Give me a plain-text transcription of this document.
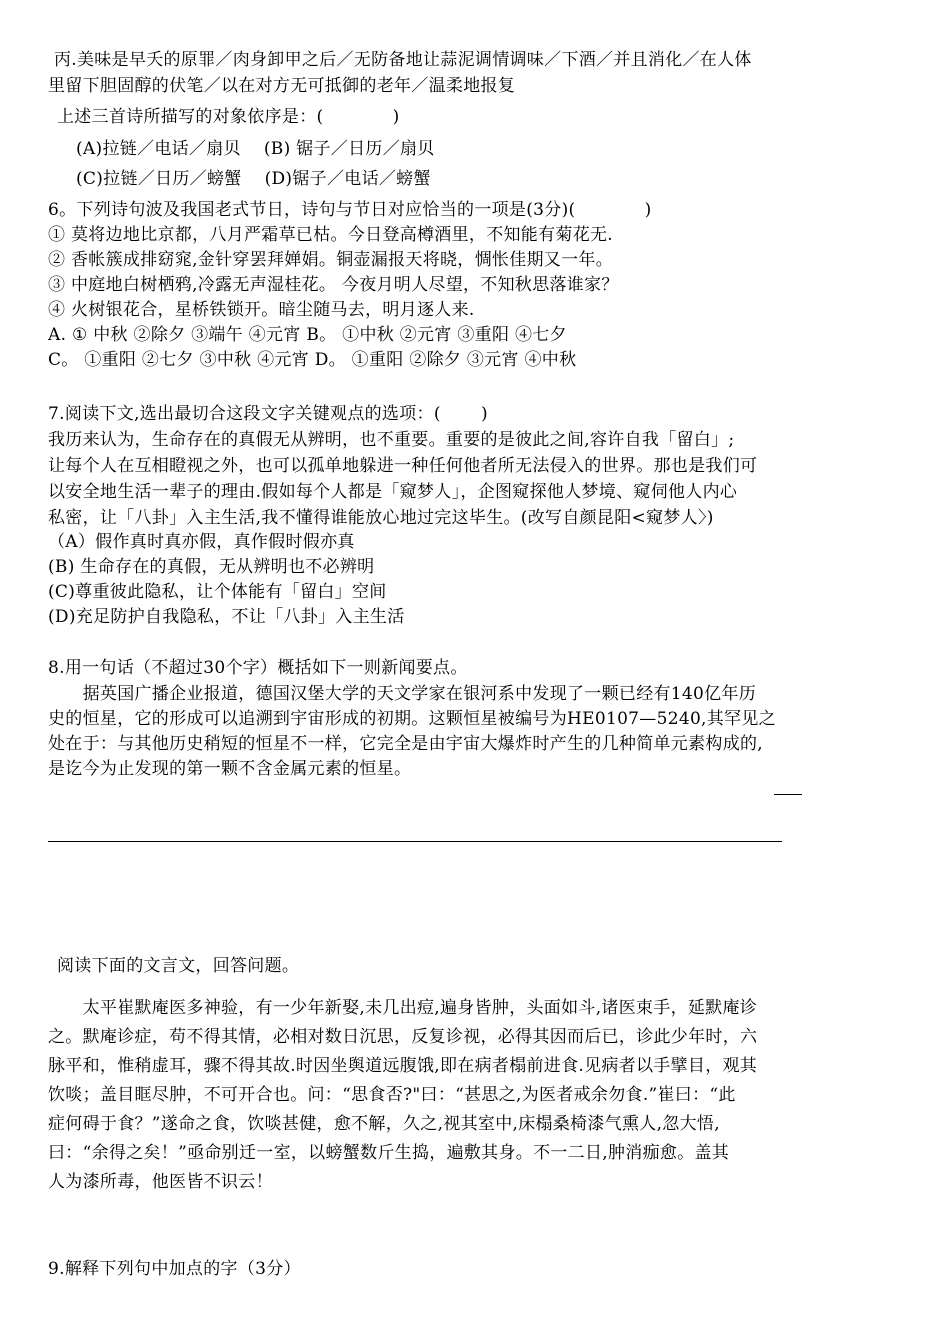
丙.美味是早夭的原罪／肉身卸甲之后／无防备地让蒜泥调情调味／下酒／并且消化／在人体
里留下胆固醇的伏笔／以在对方无可抵御的老年／温柔地报复
上述三首诗所描写的对象依序是：(　　　　)
(A)拉链／电话／扇贝　 (B) 锯子／日历／扇贝
(C)拉链／日历／螃蟹　 (D)锯子／电话／螃蟹
6。下列诗句波及我国老式节日，诗句与节日对应恰当的一项是(3分)(　　　　)
① 莫将边地比京都，八月严霜草已枯。今日登高樽酒里，不知能有菊花无.
② 香帐簇成排窈窕,金针穿罢拜婵娟。铜壶漏报天将晓，惆怅佳期又一年。
③ 中庭地白树栖鸦,冷露无声湿桂花。 今夜月明人尽望，不知秋思落谁家？
④ 火树银花合，星桥铁锁开。暗尘随马去，明月逐人来.
A. ① 中秋 ②除夕 ③端午 ④元宵 B。 ①中秋 ②元宵 ③重阳 ④七夕
C。 ①重阳 ②七夕 ③中秋 ④元宵 D。 ①重阳 ②除夕 ③元宵 ④中秋
7.阅读下文,选出最切合这段文字关键观点的选项：(　　 )
我历来认为，生命存在的真假无从辨明，也不重要。重要的是彼此之间,容许自我「留白」;
让每个人在互相瞪视之外，也可以孤单地躲进一种任何他者所无法侵入的世界。那也是我们可
以安全地生活一辈子的理由.假如每个人都是「窥梦人」，企图窥探他人梦境、窥伺他人内心
私密，让「八卦」入主生活,我不懂得谁能放心地过完这毕生。(改写自颜昆阳<窥梦人〉)
（A）假作真时真亦假，真作假时假亦真
(B) 生命存在的真假，无从辨明也不必辨明
(C)尊重彼此隐私，让个体能有「留白」空间
(D)充足防护自我隐私，不让「八卦」入主生活
8.用一句话（不超过30个字）概括如下一则新闻要点。
　　据英国广播企业报道，德国汉堡大学的天文学家在银河系中发现了一颗已经有140亿年历
史的恒星，它的形成可以追溯到宇宙形成的初期。这颗恒星被编号为HE0107—5240,其罕见之
处在于：与其他历史稍短的恒星不一样，它完全是由宇宙大爆炸时产生的几种简单元素构成的,
是讫今为止发现的第一颗不含金属元素的恒星。
阅读下面的文言文，回答问题。
　　太平崔默庵医多神验，有一少年新娶,未几出痘,遍身皆肿，头面如斗,诸医束手，延默庵诊
之。默庵诊症，苟不得其情，必相对数日沉思，反复诊视，必得其因而后已，诊此少年时，六
脉平和，惟稍虚耳，骤不得其故.时因坐舆道远腹饿,即在病者榻前进食.见病者以手擘目，观其
饮啖；盖目眶尽肿，不可开合也。问：“思食否?"曰：“甚思之,为医者戒余勿食.”崔曰：“此
症何碍于食？”遂命之食，饮啖甚健，愈不解，久之,视其室中,床榻桑椅漆气熏人,忽大悟,
曰：“余得之矣！”亟命别迁一室，以螃蟹数斤生捣，遍敷其身。不一二日,肿消痂愈。盖其
人为漆所毒，他医皆不识云！
9.解释下列句中加点的字（3分）
